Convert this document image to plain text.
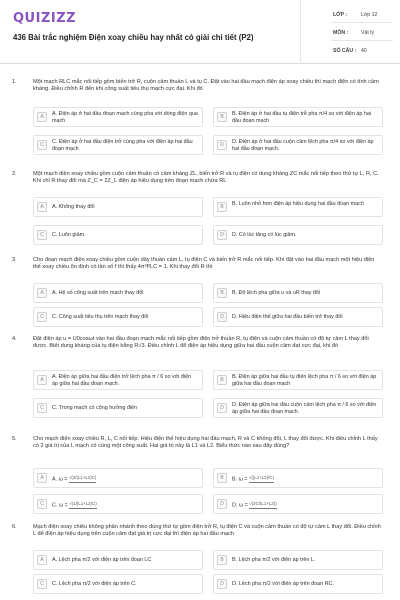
QUIZIZZ
436 Bài trắc nghiệm Điện xoay chiều hay nhất có giải chi tiết (P2)
LỚP :	Lớp 12
MÔN : Vật lý
SỐ CÂU : 40
1.	Một mạch RLC mắc nối tiếp gồm biến trở R, cuộn cảm thuần L và tụ C. Đặt vào hai đầu mạch điện áp xoay chiều thì mạch điện có tính cảm kháng. Điều chỉnh R đến khi công suất tiêu thụ mạch cực đại. Khi đó
A	A. Điện áp ở hai đầu đoạn mạch cùng pha với dòng điện qua mạch
B	B. Điện áp ở hai đầu tụ điện trễ pha π/4 so với điện áp hai đầu đoạn mạch
C	C. Điện áp ở hai đầu điện trở cùng pha với điện áp hai đầu đoạn mạch
D	D. Điện áp ở hai đầu cuộn cảm lệch pha π/4 so với điện áp hai đầu đoạn mạch.
2.	Một mạch điện xoay chiều gồm cuộn cảm thuần có cảm kháng ZL, biến trở R và tụ điện có dung kháng ZC mắc nối tiếp theo thứ tự L, R, C. Khi chỉ R thay đổi mà Z_C = 2Z_L điện áp hiệu dụng trên đoạn mạch chứa RL
A	A. Không thay đổi	B	B. Luôn nhỏ hơn điện áp hiệu dụng hai đầu đoạn mạch
C	C. Luôn giảm.	D	D. Có lúc tăng có lúc giảm.
3.	Cho đoạn mạch điện xoay chiều gồm cuộn dây thuần cảm L, tụ điện C và biến trở R mắc nối tiếp. Khi đặt vào hai đầu mạch một hiệu điện thế xoay chiều ổn định có tần số f thì thấy 4π²f²LC = 1. Khi thay đổi R thì
A	A. Hệ số công suất trên mạch thay đổi	B	B. Độ lệch pha giữa u và uR thay đổi
C	C. Công suất tiêu thụ trên mạch thay đổi	D	D. Hiệu điện thế giữa hai đầu biến trở thay đổi
4.	Đặt điện áp u = U0cosωt vào hai đầu đoạn mạch mắc nối tiếp gồm điện trở thuần R, tụ điện và cuộn cảm thuần có độ tự cảm L thay đổi được. Biết dung kháng của tụ điện bằng R√3. Điều chỉnh L để điện áp hiệu dụng giữa hai đầu cuộn cảm đạt cực đại, khi đó
A	A. Điện áp giữa hai đầu điện trở lệch pha π / 6 so với điện áp giữa hai đầu đoạn mạch.
B	B. Điện áp giữa hai đầu tụ điện lệch pha π / 6 so với điện áp giữa hai đầu đoạn mạch
C	C. Trong mạch có cộng hưởng điện	D	D. Điện áp giữa hai đầu cuộn cảm lệch pha π / 6 so với điện áp giữa hai đầu đoạn mạch.
5.	Cho mạch điện xoay chiều R, L, C nối tiếp. Hiệu điện thế hiệu dụng hai đầu mạch, R và C không đổi, L thay đổi được. Khi điều chỉnh L thấy có 2 giá trị của L mạch có cùng một công suất. Hai giá trị này là L1 và L2. Biểu thức nào sau đây đúng?
A	A. ω = √(2/(L1+L2)C)	B	B. ω = √((L1+L2)/C)
C	C. ω = √(1/(L1+L2)C)	D	D. ω = √(2C/(L1+L2))
6.	Mạch điện xoay chiều không phân nhánh theo đúng thứ tự gồm điện trở R, tụ điện C và cuộn cảm thuần có độ tự cảm L thay đổi. Điều chỉnh L để điện áp hiệu dụng trên cuộn cảm đạt giá trị cực đại thì điện áp hai đầu mạch
A	A. Lệch pha π/2 với điện áp trên đoạn LC	B	B. Lệch pha π/2 với điện áp trên L.
C	C. Lệch pha π/2 với điện áp trên C.	D	D. Lệch pha π/2 với điện áp trên đoạn RC.
